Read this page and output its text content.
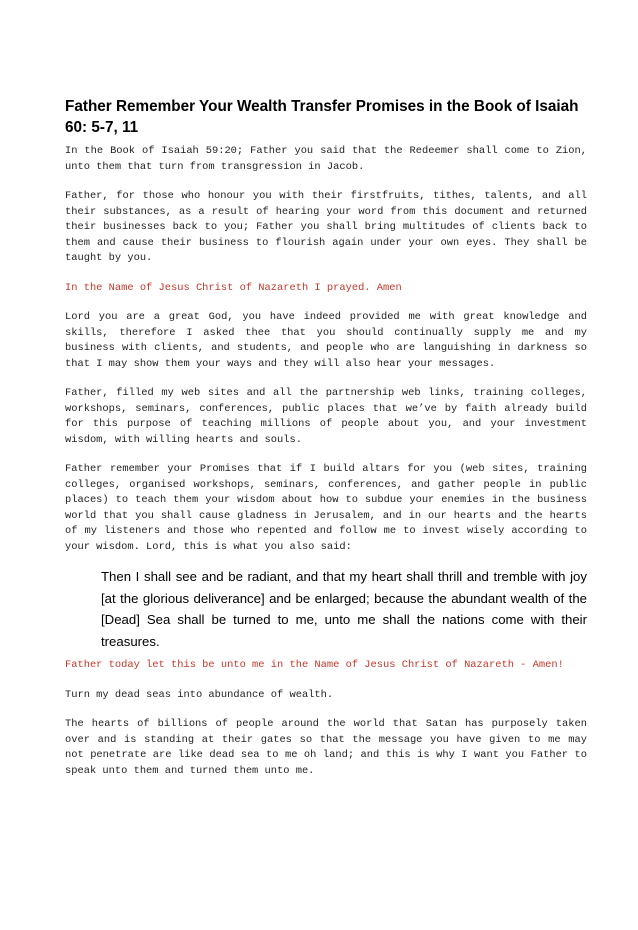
Father Remember Your Wealth Transfer Promises in the Book of Isaiah 60: 5-7, 11

In the Book of Isaiah 59:20; Father you said that the Redeemer shall come to Zion, unto them that turn from transgression in Jacob.

Father, for those who honour you with their firstfruits, tithes, talents, and all their substances, as a result of hearing your word from this document and returned their businesses back to you; Father you shall bring multitudes of clients back to them and cause their business to flourish again under your own eyes. They shall be taught by you.

In the Name of Jesus Christ of Nazareth I prayed. Amen

Lord you are a great God, you have indeed provided me with great knowledge and skills, therefore I asked thee that you should continually supply me and my business with clients, and students, and people who are languishing in darkness so that I may show them your ways and they will also hear your messages.

Father, filled my web sites and all the partnership web links, training colleges, workshops, seminars, conferences, public places that we’ve by faith already build for this purpose of teaching millions of people about you, and your investment wisdom, with willing hearts and souls.

Father remember your Promises that if I build altars for you (web sites, training colleges, organised workshops, seminars, conferences, and gather people in public places) to teach them your wisdom about how to subdue your enemies in the business world that you shall cause gladness in Jerusalem, and in our hearts and the hearts of my listeners and those who repented and follow me to invest wisely according to your wisdom. Lord, this is what you also said:

Then I shall see and be radiant, and that my heart shall thrill and tremble with joy [at the glorious deliverance] and be enlarged; because the abundant wealth of the [Dead] Sea shall be turned to me, unto me shall the nations come with their treasures.

Father today let this be unto me in the Name of Jesus Christ of Nazareth - Amen!

Turn my dead seas into abundance of wealth.

The hearts of billions of people around the world that Satan has purposely taken over and is standing at their gates so that the message you have given to me may not penetrate are like dead sea to me oh land; and this is why I want you Father to speak unto them and turned them unto me.
